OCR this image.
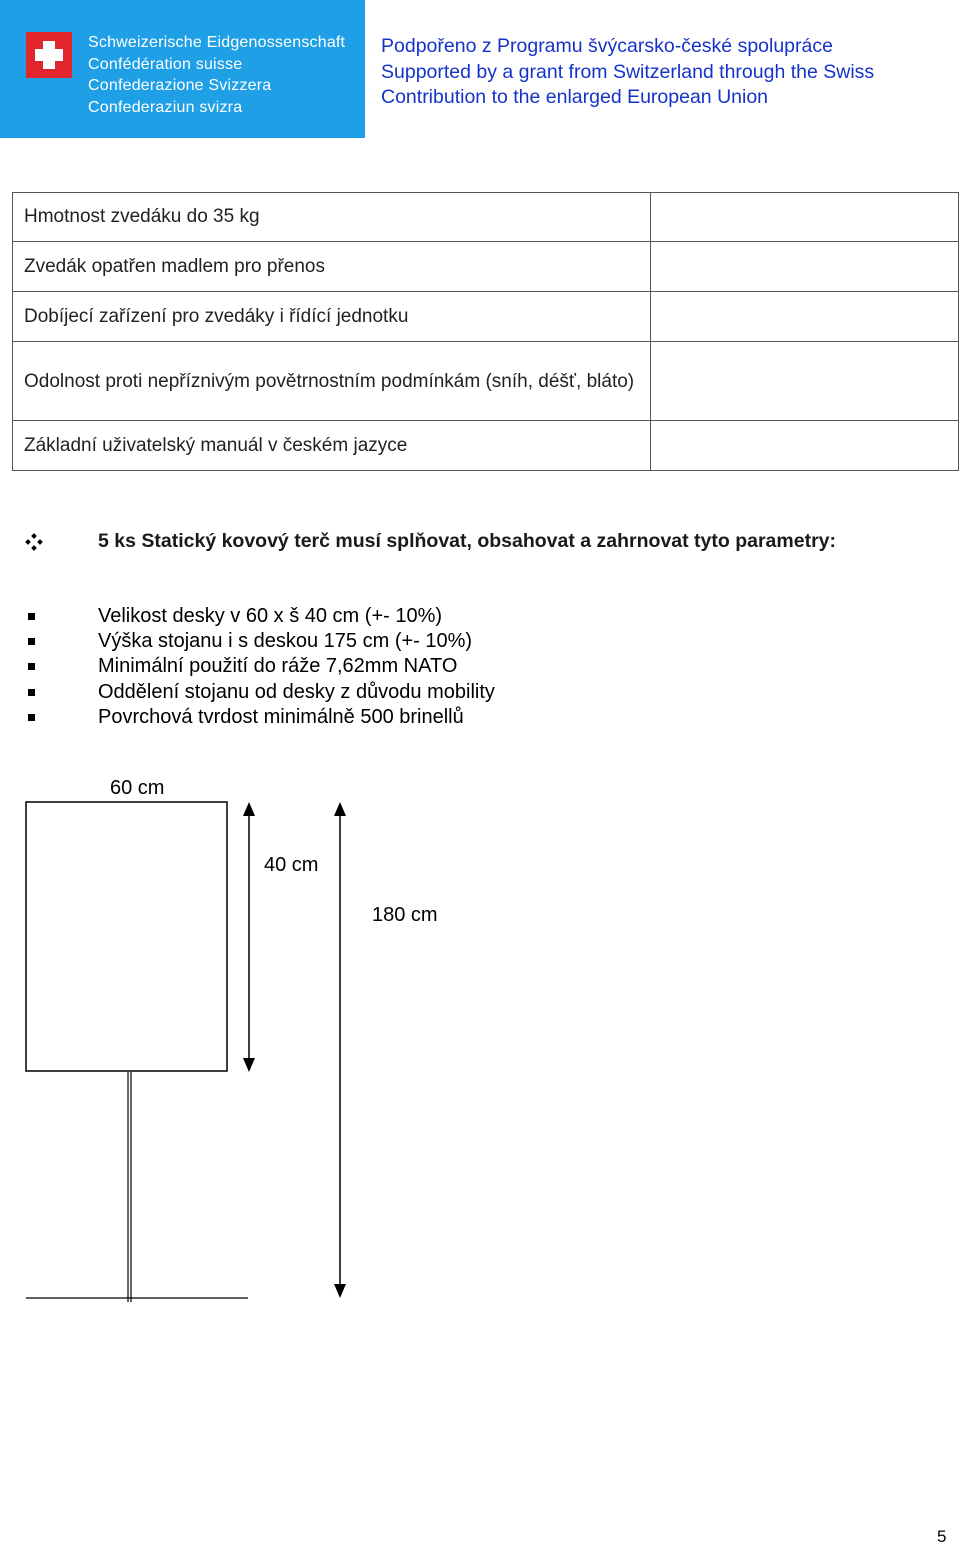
Schweizerische Eidgenossenschaft
Confédération suisse
Confederazione Svizzera
Confederaziun svizra
Podpořeno z Programu švýcarsko-české spolupráce
Supported by a grant from Switzerland through the Swiss
Contribution to the enlarged European Union
Hmotnost zvedáku do 35 kg	
Zvedák opatřen madlem pro přenos	
Dobíjecí zařízení pro zvedáky i řídící jednotku	
Odolnost proti nepříznivým povětrnostním podmínkám (sníh, déšť, bláto)	
Základní uživatelský manuál v českém jazyce	
5 ks Statický kovový terč musí splňovat, obsahovat a zahrnovat tyto parametry:
Velikost desky v 60 x š 40 cm (+- 10%)
Výška stojanu i s deskou 175 cm (+- 10%)
Minimální použití do ráže 7,62mm NATO
Oddělení stojanu od desky z důvodu mobility
Povrchová tvrdost minimálně 500 brinellů
60 cm
40 cm
180 cm
5
